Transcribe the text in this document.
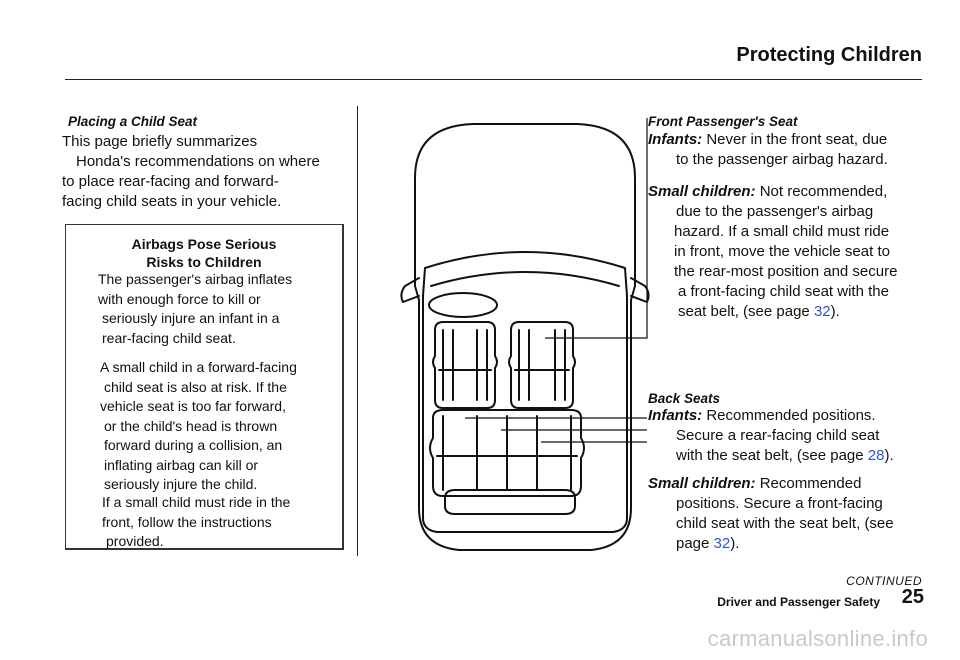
Protecting Children
Placing a Child Seat
This page briefly summarizes
Honda's recommendations on where
to place rear-facing and forward-
facing child seats in your vehicle.
Airbags Pose Serious
Risks to Children
The passenger's airbag inflates
with enough force to kill or
seriously injure an infant in a
rear-facing child seat.
A small child in a forward-facing
child seat is also at risk. If the
vehicle seat is too far forward,
or the child's head is thrown
forward during a collision, an
inflating airbag can kill or
seriously injure the child.
If a small child must ride in the
front, follow the instructions
provided.
Front Passenger's Seat
Infants: Never in the front seat, due
to the passenger airbag hazard.
Small children: Not recommended,
due to the passenger's airbag
hazard. If a small child must ride
in front, move the vehicle seat to
the rear-most position and secure
a front-facing child seat with the
seat belt, (see page 32).
Back Seats
Infants: Recommended positions.
Secure a rear-facing child seat
with the seat belt, (see page 28).
Small children: Recommended
positions. Secure a front-facing
child seat with the seat belt, (see
page 32).
CONTINUED
Driver and Passenger Safety 25
carmanualsonline.info
